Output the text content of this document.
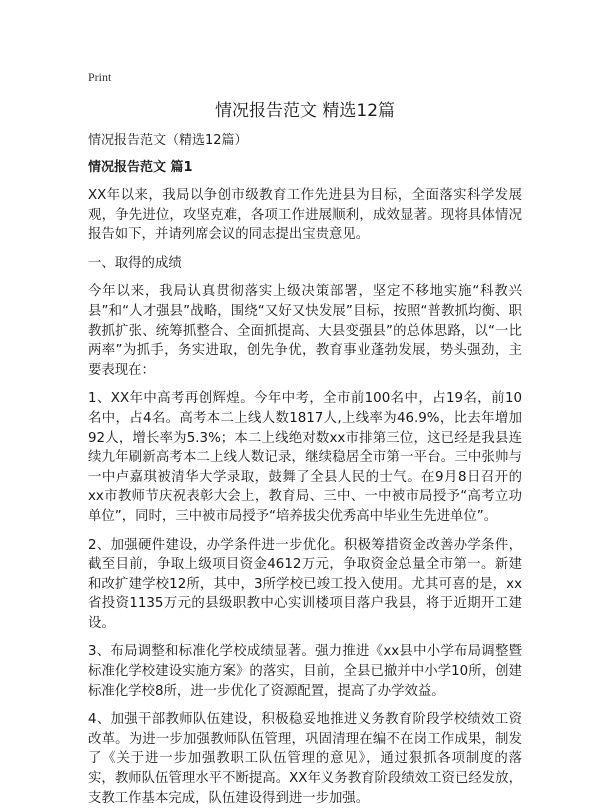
Print
情况报告范文 精选12篇
情况报告范文（精选12篇）
情况报告范文 篇1

XX年以来，我局以争创市级教育工作先进县为目标，全面落实科学发展观，争先进位，攻坚克难，各项工作进展顺利，成效显著。现将具体情况报告如下，并请列席会议的同志提出宝贵意见。

一、取得的成绩

今年以来，我局认真贯彻落实上级决策部署，坚定不移地实施“科教兴县”和“人才强县”战略，围绕“又好又快发展”目标，按照“普教抓均衡、职教抓扩张、统筹抓整合、全面抓提高、大县变强县”的总体思路，以“一比两率”为抓手，务实进取，创先争优，教育事业蓬勃发展，势头强劲，主要表现在：

1、XX年中高考再创辉煌。今年中考，全市前100名中，占19名，前10名中，占4名。高考本二上线人数1817人,上线率为46.9%，比去年增加92人，增长率为5.3%；本二上线绝对数xx市排第三位，这已经是我县连续九年刷新高考本二上线人数记录，继续稳居全市第一平台。三中张帅与一中卢嘉琪被清华大学录取，鼓舞了全县人民的士气。在9月8日召开的xx市教师节庆祝表彰大会上，教育局、三中、一中被市局授予“高考立功单位”，同时，三中被市局授予“培养拔尖优秀高中毕业生先进单位”。

2、加强硬件建设，办学条件进一步优化。积极筹措资金改善办学条件，截至目前，争取上级项目资金4612万元，争取资金总量全市第一。新建和改扩建学校12所，其中，3所学校已竣工投入使用。尤其可喜的是，xx省投资1135万元的县级职教中心实训楼项目落户我县，将于近期开工建设。

3、布局调整和标准化学校成绩显著。强力推进《xx县中小学布局调整暨标准化学校建设实施方案》的落实，目前，全县已撤并中小学10所，创建标准化学校8所，进一步优化了资源配置，提高了办学效益。

4、加强干部教师队伍建设，积极稳妥地推进义务教育阶段学校绩效工资改革。为进一步加强教师队伍管理，巩固清理在编不在岗工作成果，制发了《关于进一步加强教职工队伍管理的意见》，通过狠抓各项制度的落实，教师队伍管理水平不断提高。XX年义务教育阶段绩效工资已经发放，支教工作基本完成，队伍建设得到进一步加强。
